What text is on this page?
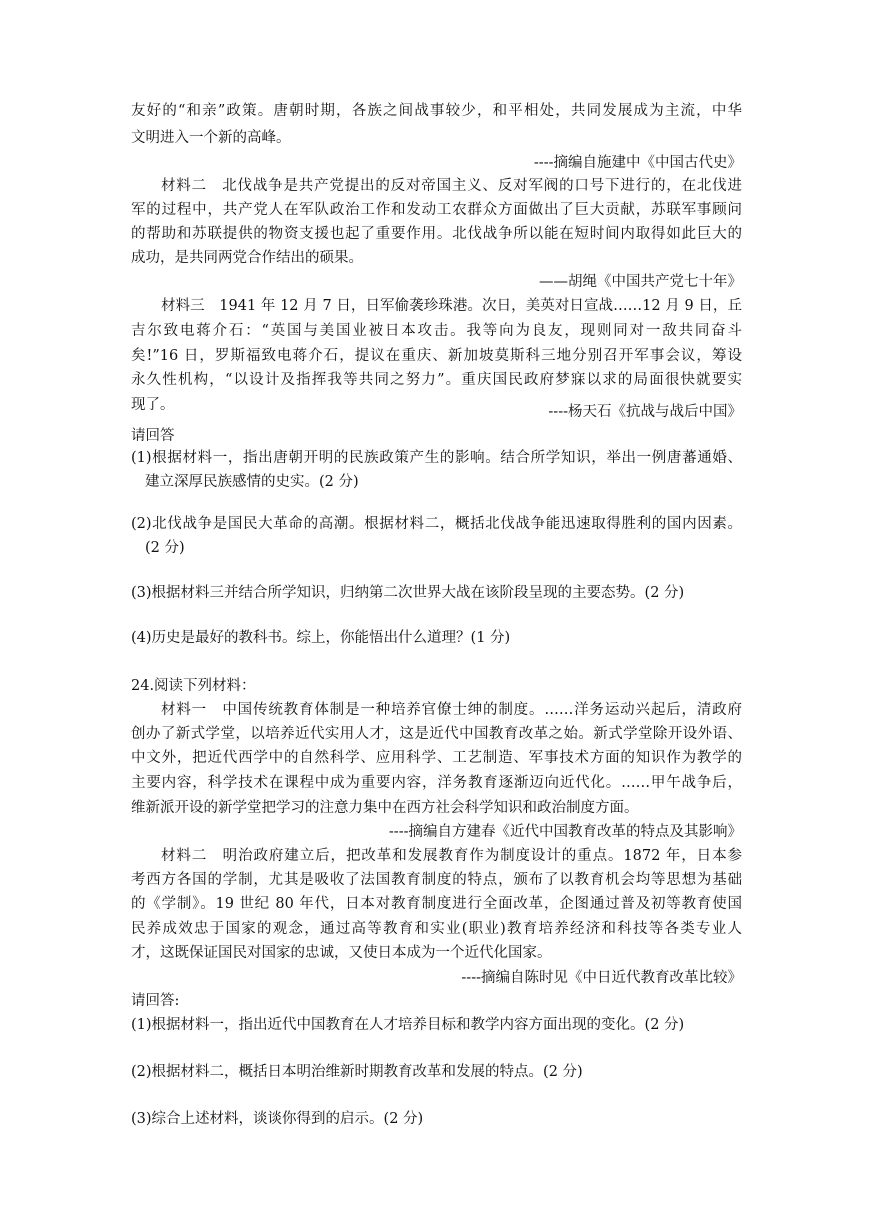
友好的“和亲”政策。唐朝时期，各族之间战事较少，和平相处，共同发展成为主流，中华
文明进入一个新的高峰。
----摘编自施建中《中国古代史》
材料二　北伐战争是共产党提出的反对帝国主义、反对军阀的口号下进行的，在北伐进
军的过程中，共产党人在军队政治工作和发动工农群众方面做出了巨大贡献，苏联军事顾问
的帮助和苏联提供的物资支援也起了重要作用。北伐战争所以能在短时间内取得如此巨大的
成功，是共同两党合作结出的硕果。
——胡绳《中国共产党七十年》
材料三　1941 年 12 月 7 日，日军偷袭珍珠港。次日，美英对日宣战……12 月 9 日，丘
吉尔致电蒋介石：“英国与美国业被日本攻击。我等向为良友，现则同对一敌共同奋斗
矣!”16 日，罗斯福致电蒋介石，提议在重庆、新加坡莫斯科三地分别召开军事会议，筹设
永久性机构，“以设计及指挥我等共同之努力”。重庆国民政府梦寐以求的局面很快就要实
现了。	----杨天石《抗战与战后中国》
请回答
(1)根据材料一，指出唐朝开明的民族政策产生的影响。结合所学知识，举出一例唐蕃通婚、
建立深厚民族感情的史实。(2 分)
(2)北伐战争是国民大革命的高潮。根据材料二，概括北伐战争能迅速取得胜利的国内因素。
(2 分)
(3)根据材料三并结合所学知识，归纳第二次世界大战在该阶段呈现的主要态势。(2 分)
(4)历史是最好的教科书。综上，你能悟出什么道理？(1 分)
24.阅读下列材料：
材料一　中国传统教育体制是一种培养官僚士绅的制度。……洋务运动兴起后，清政府
创办了新式学堂，以培养近代实用人才，这是近代中国教育改革之始。新式学堂除开设外语、
中文外，把近代西学中的自然科学、应用科学、工艺制造、军事技术方面的知识作为教学的
主要内容，科学技术在课程中成为重要内容，洋务教育逐渐迈向近代化。……甲午战争后，
维新派开设的新学堂把学习的注意力集中在西方社会科学知识和政治制度方面。
----摘编自方建春《近代中国教育改革的特点及其影响》
材料二　明治政府建立后，把改革和发展教育作为制度设计的重点。1872 年，日本参
考西方各国的学制，尤其是吸收了法国教育制度的特点，颁布了以教育机会均等思想为基础
的《学制》。19 世纪 80 年代，日本对教育制度进行全面改革，企图通过普及初等教育使国
民养成效忠于国家的观念，通过高等教育和实业(职业)教育培养经济和科技等各类专业人
才，这既保证国民对国家的忠诚，又使日本成为一个近代化国家。
----摘编自陈时见《中日近代教育改革比较》
请回答:
(1)根据材料一，指出近代中国教育在人才培养目标和教学内容方面出现的变化。(2 分)
(2)根据材料二，概括日本明治维新时期教育改革和发展的特点。(2 分)
(3)综合上述材料，谈谈你得到的启示。(2 分)
